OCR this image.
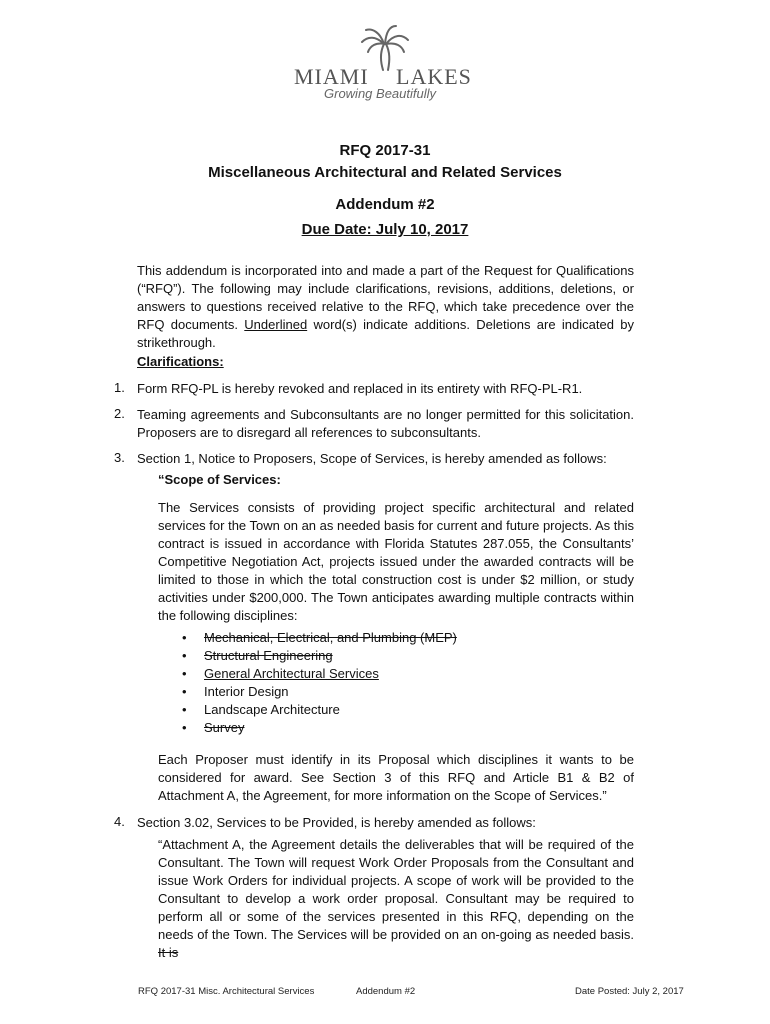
MIAMI LAKES
Growing Beautifully
RFQ 2017-31
Miscellaneous Architectural and Related Services
Addendum #2
Due Date: July 10, 2017
This addendum is incorporated into and made a part of the Request for Qualifications (“RFQ”). The following may include clarifications, revisions, additions, deletions, or answers to questions received relative to the RFQ, which take precedence over the RFQ documents. Underlined word(s) indicate additions. Deletions are indicated by strikethrough.
Clarifications:
1. Form RFQ-PL is hereby revoked and replaced in its entirety with RFQ-PL-R1.
2. Teaming agreements and Subconsultants are no longer permitted for this solicitation. Proposers are to disregard all references to subconsultants.
3. Section 1, Notice to Proposers, Scope of Services, is hereby amended as follows:
“Scope of Services:
The Services consists of providing project specific architectural and related services for the Town on an as needed basis for current and future projects. As this contract is issued in accordance with Florida Statutes 287.055, the Consultants’ Competitive Negotiation Act, projects issued under the awarded contracts will be limited to those in which the total construction cost is under $2 million, or study activities under $200,000. The Town anticipates awarding multiple contracts within the following disciplines:
• Mechanical, Electrical, and Plumbing (MEP)
• Structural Engineering
• General Architectural Services
• Interior Design
• Landscape Architecture
• Survey
Each Proposer must identify in its Proposal which disciplines it wants to be considered for award. See Section 3 of this RFQ and Article B1 & B2 of Attachment A, the Agreement, for more information on the Scope of Services.”
4. Section 3.02, Services to be Provided, is hereby amended as follows:
“Attachment A, the Agreement details the deliverables that will be required of the Consultant. The Town will request Work Order Proposals from the Consultant and issue Work Orders for individual projects. A scope of work will be provided to the Consultant to develop a work order proposal. Consultant may be required to perform all or some of the services presented in this RFQ, depending on the needs of the Town. The Services will be provided on an on-going as needed basis. It is
RFQ 2017-31 Misc. Architectural Services	Addendum #2	Date Posted: July 2, 2017
